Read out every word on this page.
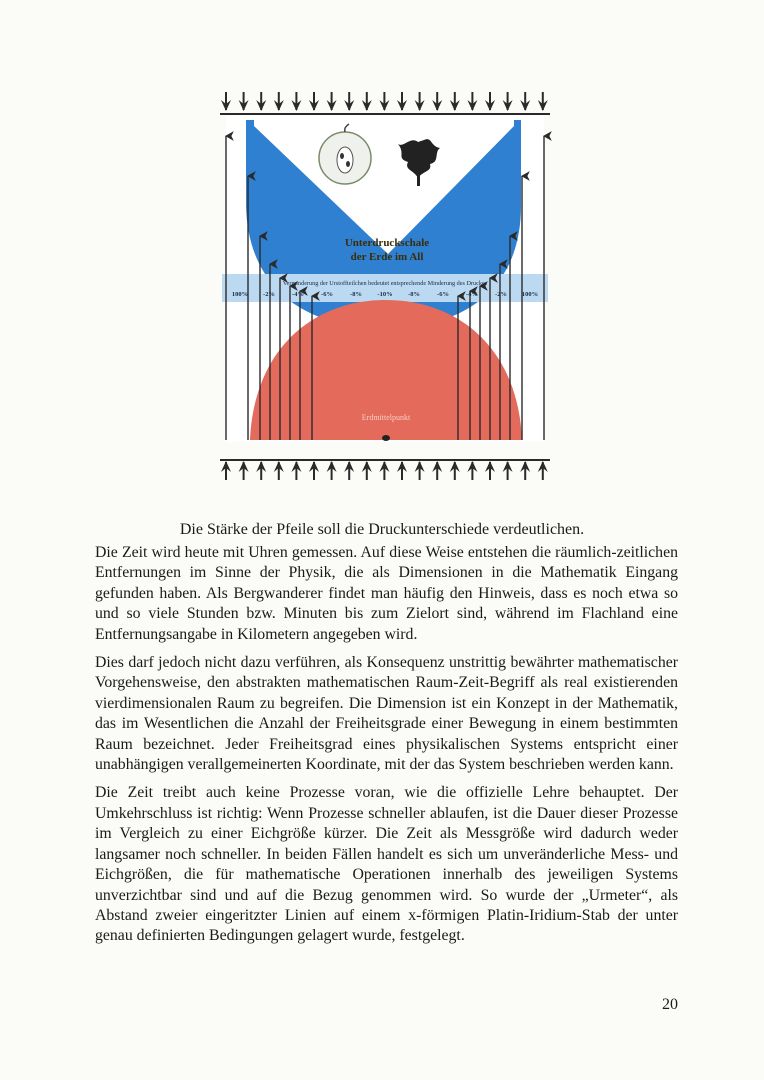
Unterdruckschale
der Erde im All
Verminderung der Urstoffteilchen bedeutet entsprechende Minderung des Druckes
100% -2%	-4%	-6%	-8% -10% -8%	-6%	-4%	-2% 100%
Erdmittelpunkt
Die Stärke der Pfeile soll die Druckunterschiede verdeutlichen.

Die Zeit wird heute mit Uhren gemessen. Auf diese Weise entstehen die räumlich-zeitlichen Entfernungen im Sinne der Physik, die als Dimensionen in die Mathematik Eingang gefunden haben. Als Bergwanderer findet man häufig den Hinweis, dass es noch etwa so und so viele Stunden bzw. Minuten bis zum Zielort sind, während im Flachland eine Entfernungsangabe in Kilometern angegeben wird.

Dies darf jedoch nicht dazu verführen, als Konsequenz unstrittig bewährter mathematischer Vorgehensweise, den abstrakten mathematischen Raum-Zeit-Begriff als real existierenden vierdimensionalen Raum zu begreifen. Die Dimension ist ein Konzept in der Mathematik, das im Wesentlichen die Anzahl der Freiheitsgrade einer Bewegung in einem bestimmten Raum bezeichnet. Jeder Freiheitsgrad eines physikalischen Systems entspricht einer unabhängigen verallgemeinerten Koordinate, mit der das System beschrieben werden kann.

Die Zeit treibt auch keine Prozesse voran, wie die offizielle Lehre behauptet. Der Umkehrschluss ist richtig: Wenn Prozesse schneller ablaufen, ist die Dauer dieser Prozesse im Vergleich zu einer Eichgröße kürzer. Die Zeit als Messgröße wird dadurch weder langsamer noch schneller. In beiden Fällen handelt es sich um unveränderliche Mess- und Eichgrößen, die für mathematische Operationen innerhalb des jeweiligen Systems unverzichtbar sind und auf die Bezug genommen wird. So wurde der „Urmeter“, als Abstand zweier eingeritzter Linien auf einem x-förmigen Platin-Iridium-Stab der unter genau definierten Bedingungen gelagert wurde, festgelegt.

20
